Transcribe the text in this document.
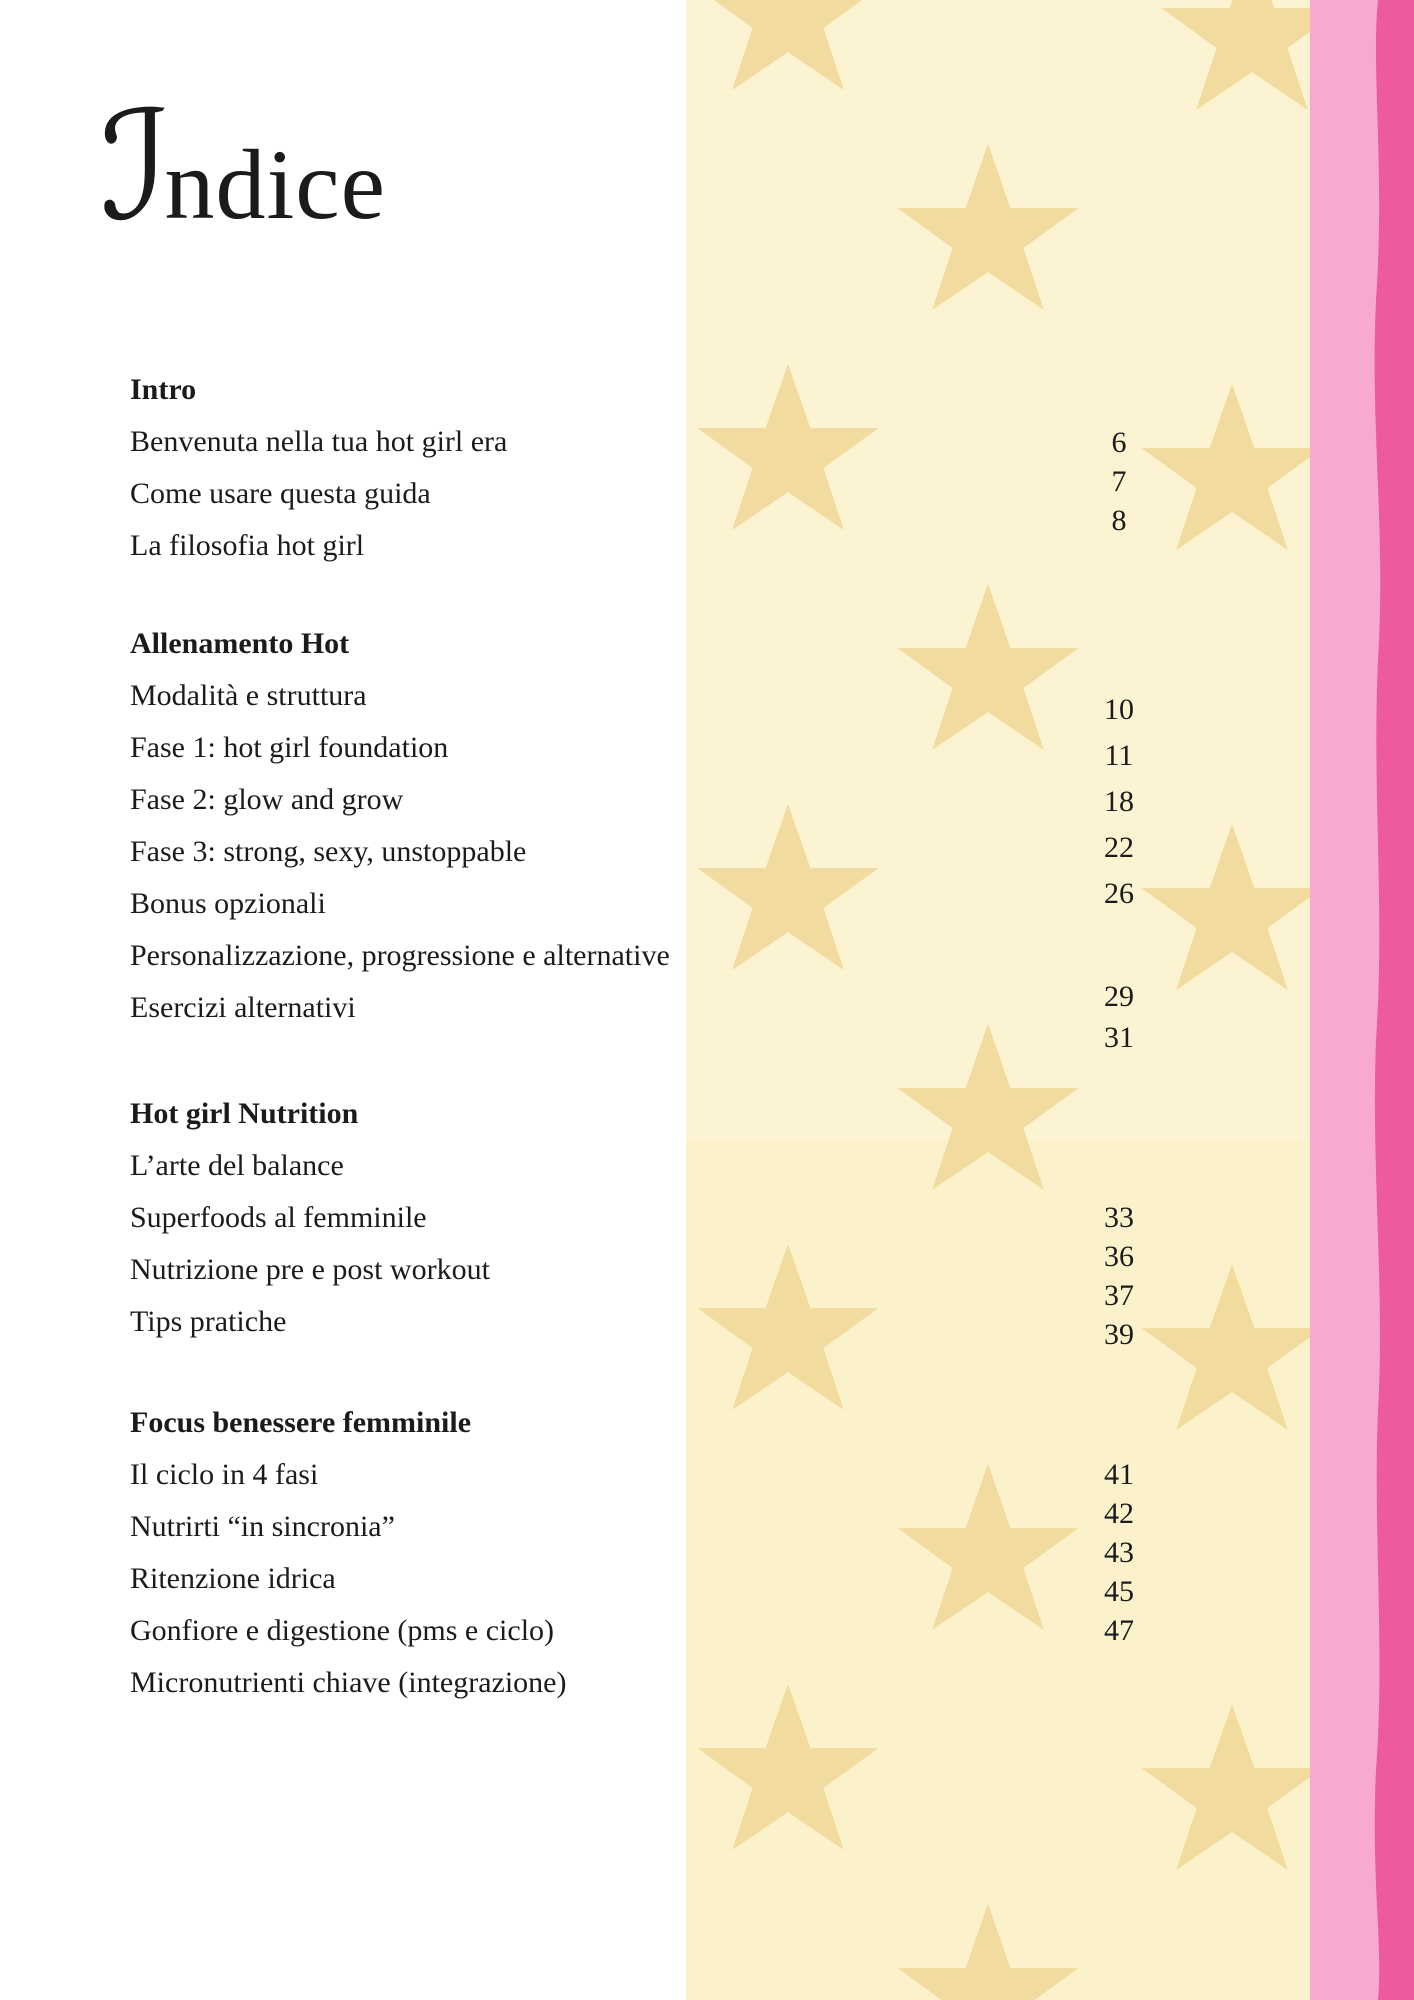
ℐ
ndice
Intro
Benvenuta nella tua hot girl era
Come usare questa guida
La filosofia hot girl
Allenamento Hot
Modalità e struttura
Fase 1: hot girl foundation
Fase 2: glow and grow
Fase 3: strong, sexy, unstoppable
Bonus opzionali
Personalizzazione, progressione e alternative
Esercizi alternativi
Hot girl Nutrition
L’arte del balance
Superfoods al femminile
Nutrizione pre e post workout
Tips pratiche
Focus benessere femminile
Il ciclo in 4 fasi
Nutrirti “in sincronia”
Ritenzione idrica
Gonfiore e digestione (pms e ciclo)
Micronutrienti chiave (integrazione)
6
7
8
10
11
18
22
26
29
31
33
36
37
39
41
42
43
45
47
